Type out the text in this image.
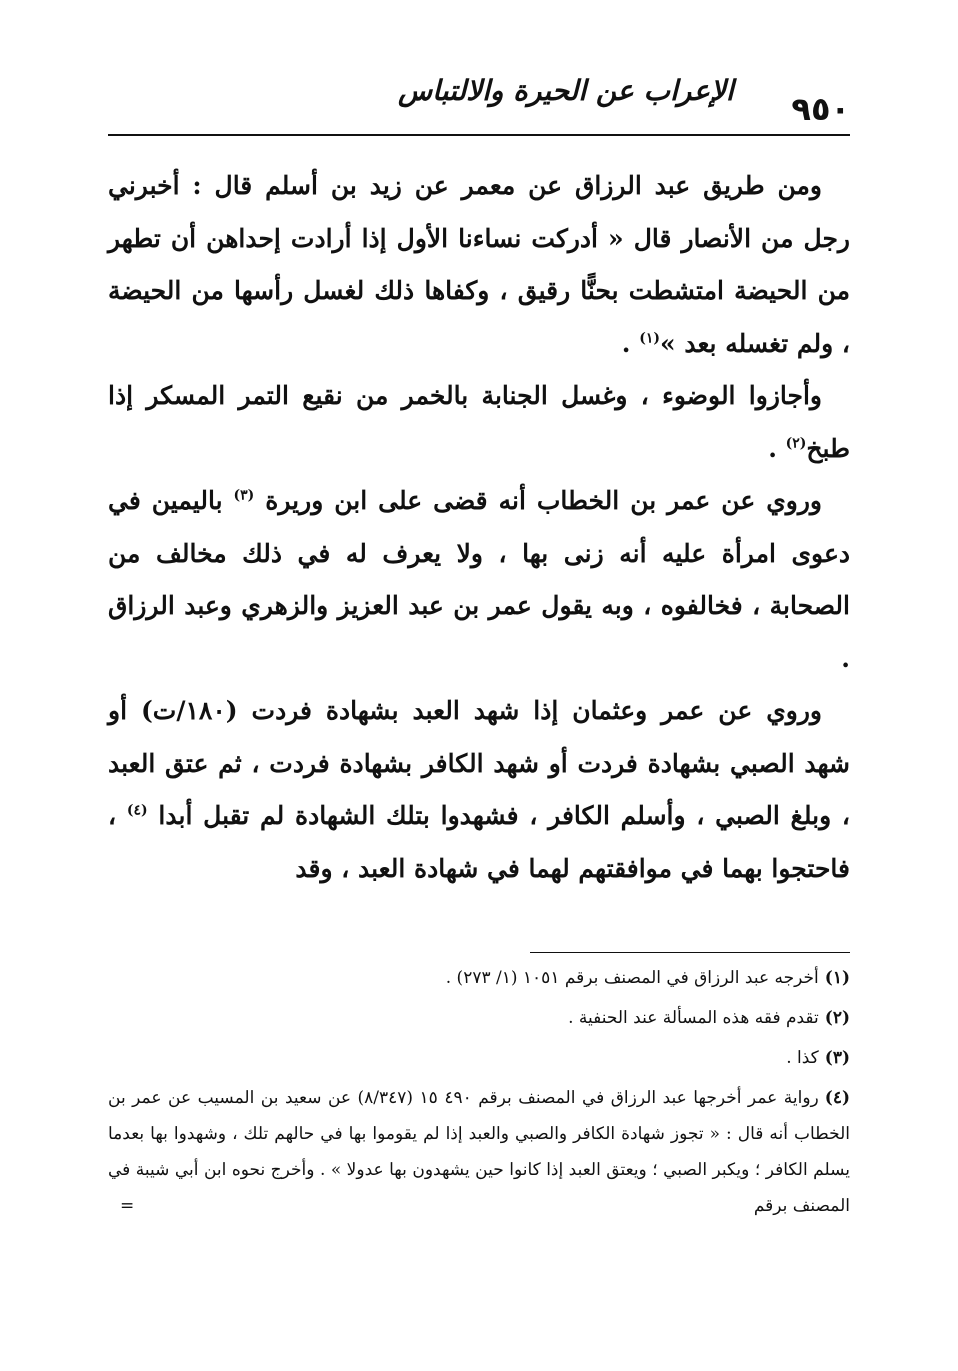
٩٥٠
الإعراب عن الحيرة والالتباس

ومن طريق عبد الرزاق عن معمر عن زيد بن أسلم قال : أخبرني رجل من الأنصار قال « أدركت نساءنا الأول إذا أرادت إحداهن أن تطهر من الحيضة امتشطت بحنًّا رقيق ، وكفاها ذلك لغسل رأسها من الحيضة ، ولم تغسله بعد »$^{(١)}$ .

وأجازوا الوضوء ، وغسل الجنابة بالخمر من نقيع التمر المسكر إذا طبخ$^{(٢)}$ .

وروي عن عمر بن الخطاب أنه قضى على ابن وريرة $^{(٣)}$ باليمين في دعوى امرأة عليه أنه زنى بها ، ولا يعرف له في ذلك مخالف من الصحابة ، فخالفوه ، وبه يقول عمر بن عبد العزيز والزهري وعبد الرزاق .

وروي عن عمر وعثمان إذا شهد العبد بشهادة فردت (١٨٠/ت) أو شهد الصبي بشهادة فردت أو شهد الكافر بشهادة فردت ، ثم عتق العبد ، وبلغ الصبي ، وأسلم الكافر ، فشهدوا بتلك الشهادة لم تقبل أبدا $^{(٤)}$ ، فاحتجوا بهما في موافقتهم لهما في شهادة العبد ، وقد

(١)أخرجه عبد الرزاق في المصنف برقم ١٠٥١ (١/ ٢٧٣) .

(٢)تقدم فقه هذه المسألة عند الحنفية .

(٣)كذا .

(٤)رواية عمر أخرجها عبد الرزاق في المصنف برقم ٤٩٠ ١٥ (٨/٣٤٧) عن سعيد بن المسيب عن عمر بن الخطاب أنه قال : « تجوز شهادة الكافر والصبي والعبد إذا لم يقوموا بها في حالهم تلك ، وشهدوا بها بعدما يسلم الكافر ؛ ويكبر الصبي ؛ ويعتق العبد إذا كانوا حين يشهدون بها عدولا » . وأخرج نحوه ابن أبي شيبة في المصنف برقم
=
